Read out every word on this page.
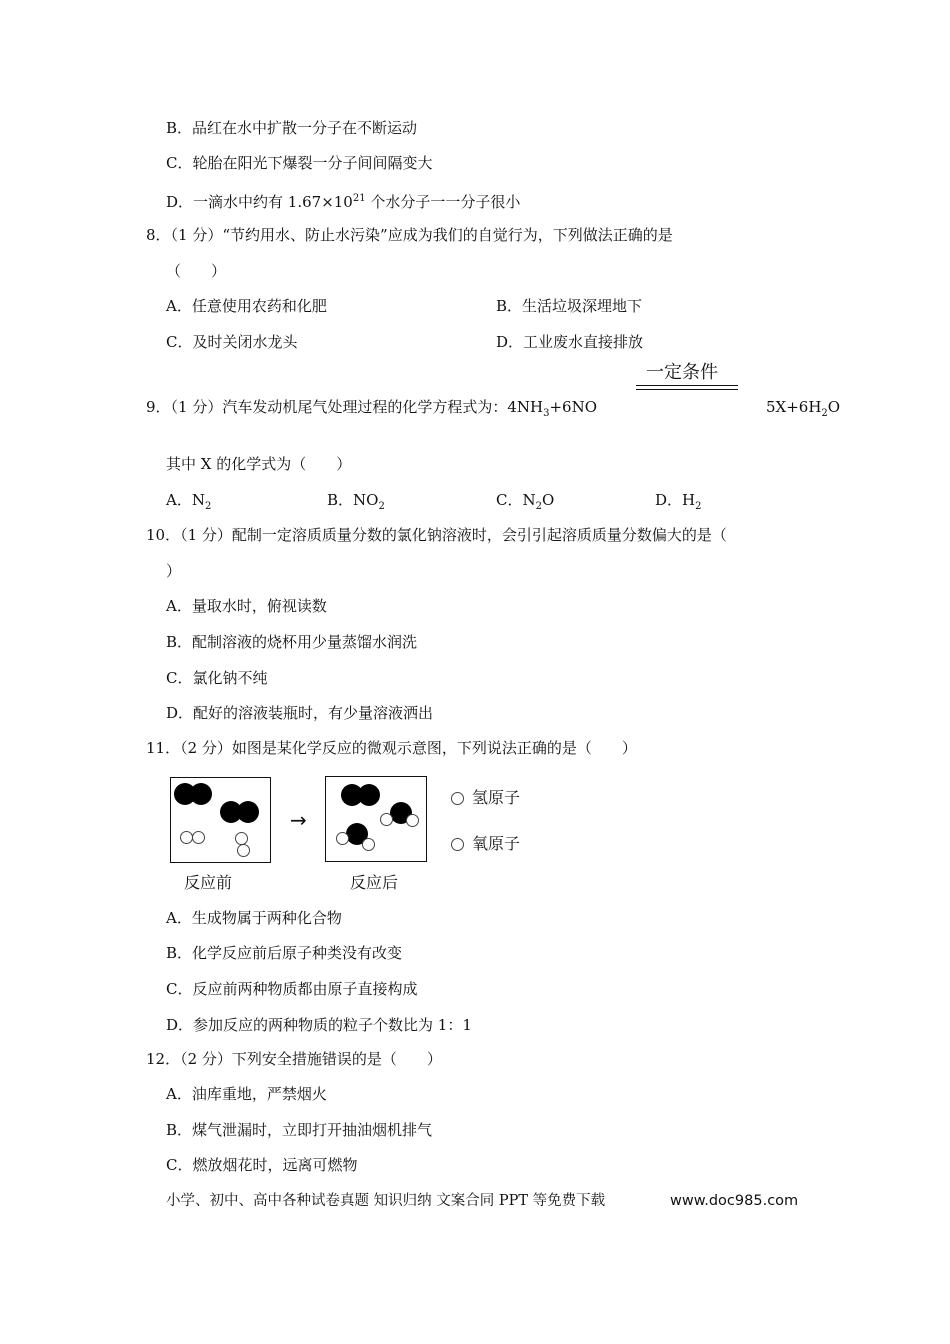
B．品红在水中扩散一分子在不断运动
C．轮胎在阳光下爆裂一分子间间隔变大
D．一滴水中约有 $1.67\times 10^{21}$ 个水分子一一分子很小
8．（1 分）“节约用水、防止水污染”应成为我们的自觉行为，下列做法正确的是
（　　）
A．任意使用农药和化肥	B．生活垃圾深埋地下
C．及时关闭水龙头	D．工业废水直接排放
一定条件
9．（1 分）汽车发动机尾气处理过程的化学方程式为：$4NH_3+6NO$	$5X+6H_2O$
其中 X 的化学式为（　　）
A．$N_2$	B．$NO_2$	C．$N_2O$	D．$H_2$
10．（1 分）配制一定溶质质量分数的氯化钠溶液时，会引引起溶质质量分数偏大的是（
）
A．量取水时，俯视读数
B．配制溶液的烧杯用少量蒸馏水润洗
C．氯化钠不纯
D．配好的溶液装瓶时，有少量溶液洒出
11．（2 分）如图是某化学反应的微观示意图，下列说法正确的是（　　）
→
氢原子
氧原子
反应前	反应后
A．生成物属于两种化合物
B．化学反应前后原子种类没有改变
C．反应前两种物质都由原子直接构成
D．参加反应的两种物质的粒子个数比为 1：1
12．（2 分）下列安全措施错误的是（　　）
A．油库重地，严禁烟火
B．煤气泄漏时，立即打开抽油烟机排气
C．燃放烟花时，远离可燃物
小学、初中、高中各种试卷真题 知识归纳 文案合同 PPT 等免费下载	www.doc985.com
